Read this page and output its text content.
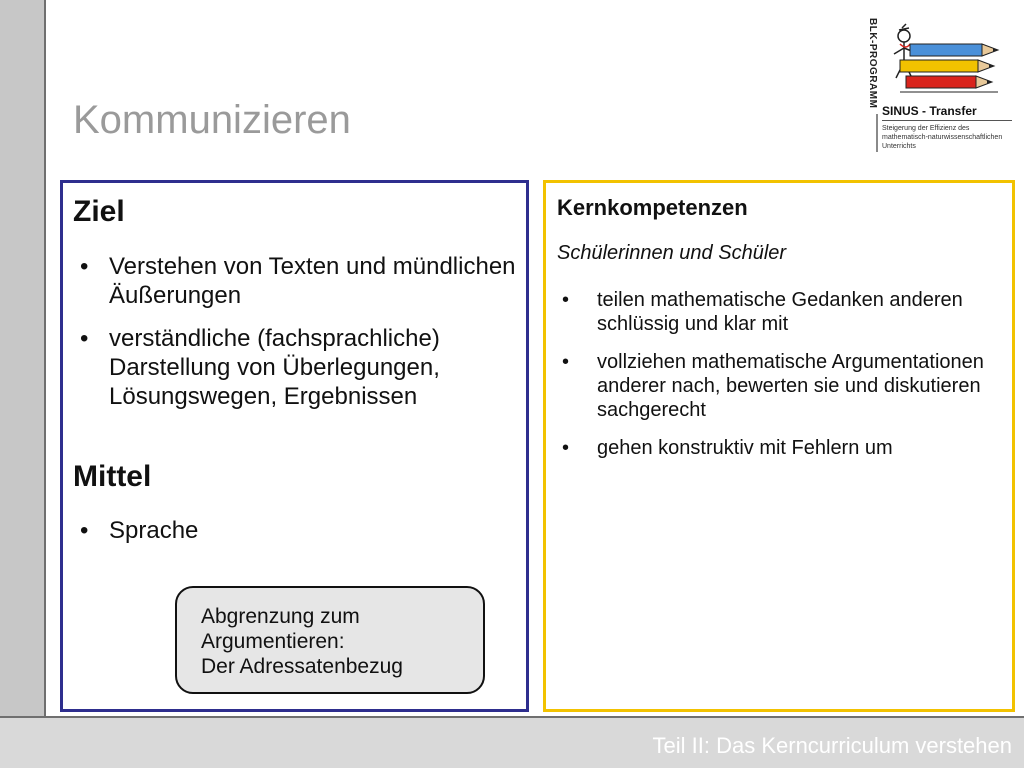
Teil II: Das Kerncurriculum verstehen
Kommunizieren
BLK-PROGRAMM
SINUS - Transfer
Steigerung der Effizienz des
mathematisch-naturwissenschaftlichen
Unterrichts
Ziel
• Verstehen von Texten und mündlichen Äußerungen
• verständliche (fachsprachliche) Darstellung von Überlegungen, Lösungswegen, Ergebnissen
Mittel
• Sprache
Abgrenzung zum
Argumentieren:
Der Adressatenbezug
Kernkompetenzen
Schülerinnen und Schüler
• teilen mathematische Gedanken anderen schlüssig und klar mit
• vollziehen mathematische Argumentationen anderer nach, bewerten sie und diskutieren sachgerecht
• gehen konstruktiv mit Fehlern um
